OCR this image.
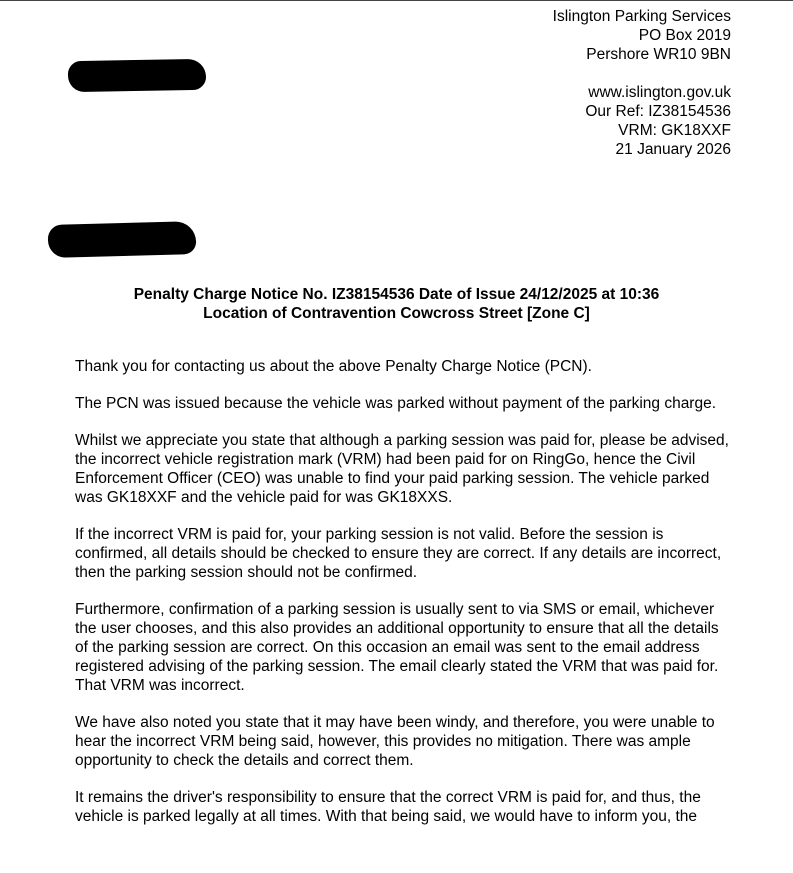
Islington Parking Services
PO Box 2019
Pershore WR10 9BN
www.islington.gov.uk
Our Ref: IZ38154536
VRM: GK18XXF
21 January 2026
Penalty Charge Notice No. IZ38154536 Date of Issue 24/12/2025 at 10:36
Location of Contravention Cowcross Street [Zone C]

Thank you for contacting us about the above Penalty Charge Notice (PCN).

The PCN was issued because the vehicle was parked without payment of the parking charge.

Whilst we appreciate you state that although a parking session was paid for, please be advised, the incorrect vehicle registration mark (VRM) had been paid for on RingGo, hence the Civil Enforcement Officer (CEO) was unable to find your paid parking session. The vehicle parked was GK18XXF and the vehicle paid for was GK18XXS.

If the incorrect VRM is paid for, your parking session is not valid. Before the session is confirmed, all details should be checked to ensure they are correct. If any details are incorrect, then the parking session should not be confirmed.

Furthermore, confirmation of a parking session is usually sent to via SMS or email, whichever the user chooses, and this also provides an additional opportunity to ensure that all the details of the parking session are correct. On this occasion an email was sent to the email address registered advising of the parking session. The email clearly stated the VRM that was paid for. That VRM was incorrect.

We have also noted you state that it may have been windy, and therefore, you were unable to hear the incorrect VRM being said, however, this provides no mitigation. There was ample opportunity to check the details and correct them.

It remains the driver's responsibility to ensure that the correct VRM is paid for, and thus, the vehicle is parked legally at all times. With that being said, we would have to inform you, the
